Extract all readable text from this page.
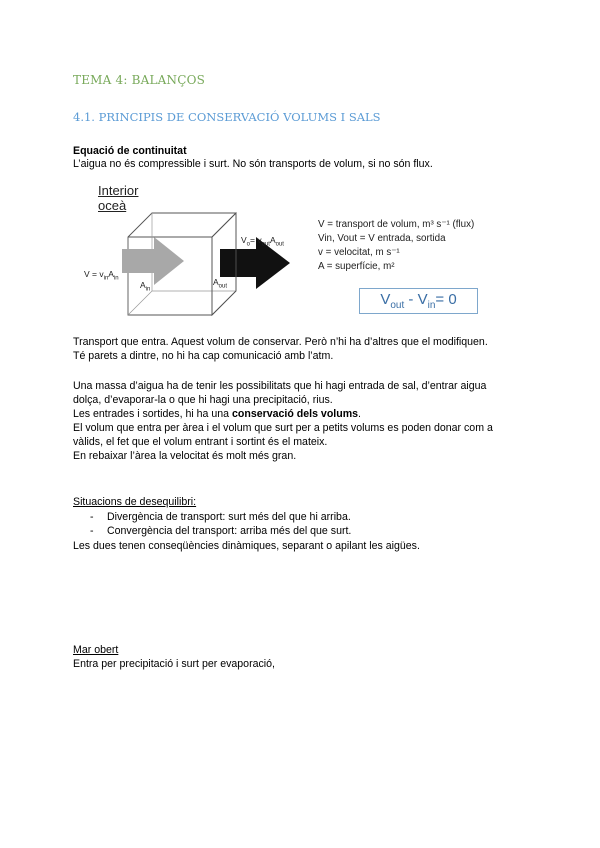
TEMA 4: BALANÇOS
4.1. PRINCIPIS DE CONSERVACIÓ VOLUMS I SALS

Equació de continuitat

L’aigua no és compressible i surt. No són transports de volum, si no són flux.

Interior oceà
$V = v_{in}A_{in}$
$A_{in}$
$A_{out}$
$V_o= v_{out}A_{out}$
V = transport de volum, m³ s⁻¹ (flux)
Vin, Vout = V entrada, sortida
v = velocitat, m s⁻¹
A = superfície, m²
$V_{out} - V_{in}= 0$

Transport que entra. Aquest volum de conservar. Però n’hi ha d’altres que el modifiquen.

Té parets a dintre, no hi ha cap comunicació amb l’atm.

Una massa d’aigua ha de tenir les possibilitats que hi hagi entrada de sal, d’entrar aigua

dolça, d’evaporar-la o que hi hagi una precipitació, rius.

Les entrades i sortides, hi ha una conservació dels volums.

El volum que entra per àrea i el volum que surt per a petits volums es poden donar com a

vàlids, el fet que el volum entrant i sortint és el mateix.

En rebaixar l’àrea la velocitat és molt més gran.

Situacions de desequilibri:

- Divergència de transport: surt més del que hi arriba.
- Convergència del transport: arriba més del que surt.

Les dues tenen conseqüències dinàmiques, separant o apilant les aigües.

Mar obert

Entra per precipitació i surt per evaporació,
